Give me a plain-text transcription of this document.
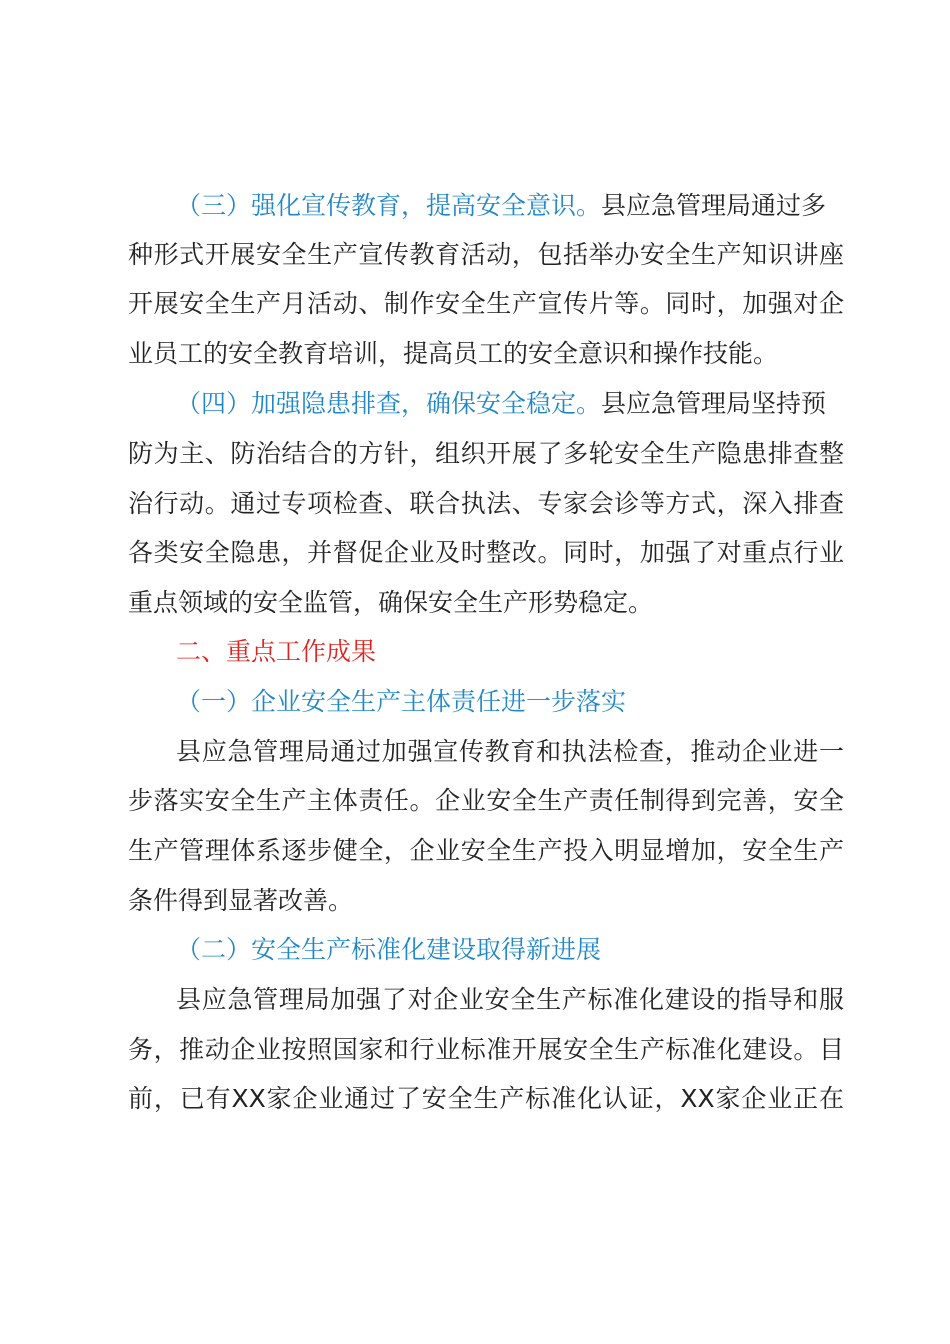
（三）强化宣传教育，提高安全意识。县应急管理局通过多
种形式开展安全生产宣传教育活动，包括举办安全生产知识讲座
开展安全生产月活动、制作安全生产宣传片等。同时，加强对企
业员工的安全教育培训，提高员工的安全意识和操作技能。
（四）加强隐患排查，确保安全稳定。县应急管理局坚持预
防为主、防治结合的方针，组织开展了多轮安全生产隐患排查整
治行动。通过专项检查、联合执法、专家会诊等方式，深入排查
各类安全隐患，并督促企业及时整改。同时，加强了对重点行业
重点领域的安全监管，确保安全生产形势稳定。
二、重点工作成果
（一）企业安全生产主体责任进一步落实
县应急管理局通过加强宣传教育和执法检查，推动企业进一
步落实安全生产主体责任。企业安全生产责任制得到完善，安全
生产管理体系逐步健全，企业安全生产投入明显增加，安全生产
条件得到显著改善。
（二）安全生产标准化建设取得新进展
县应急管理局加强了对企业安全生产标准化建设的指导和服
务，推动企业按照国家和行业标准开展安全生产标准化建设。目
前，已有XX家企业通过了安全生产标准化认证，XX家企业正在
